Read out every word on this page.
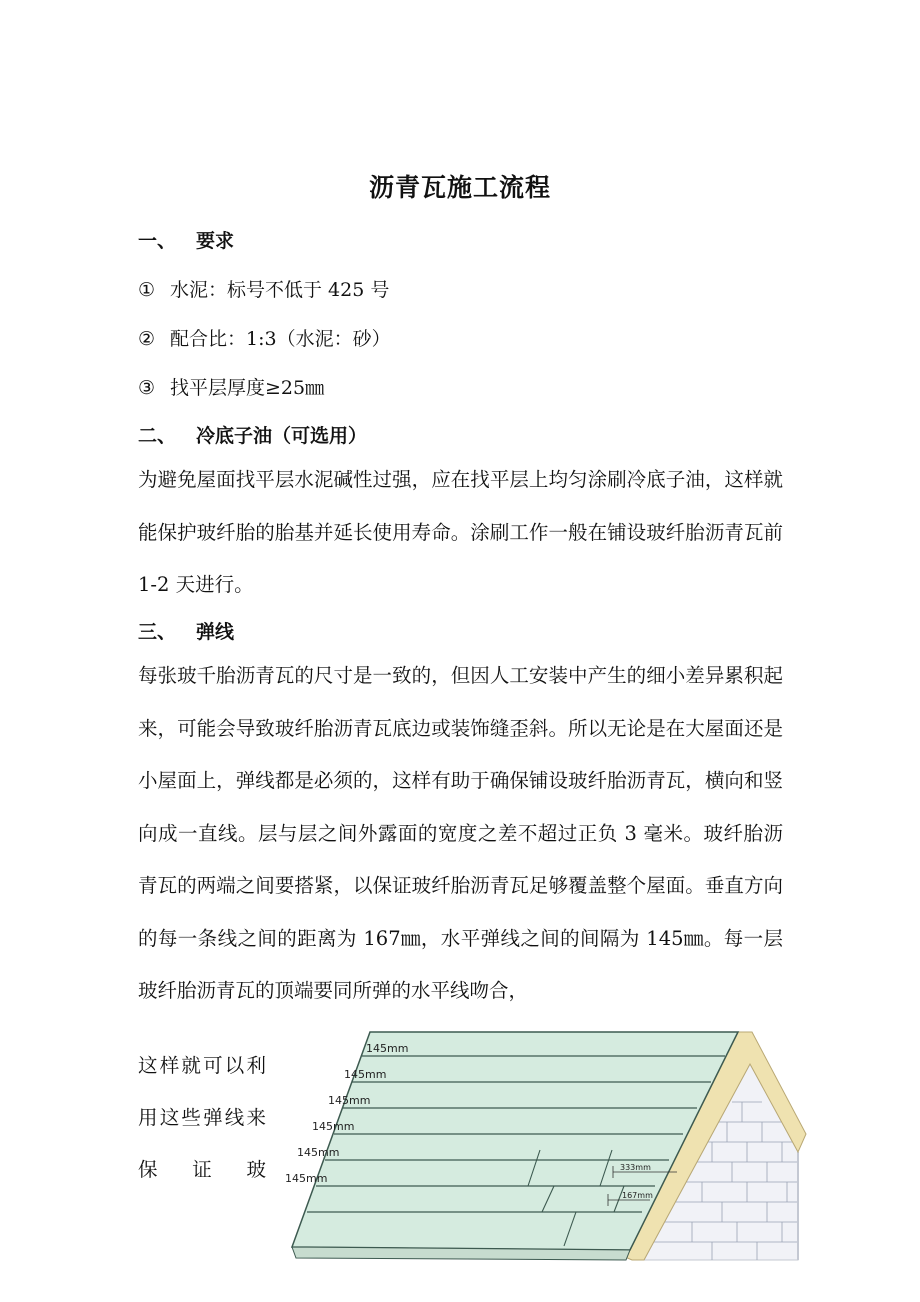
沥青瓦施工流程
一、 要求
① 水泥：标号不低于 425 号
② 配合比：1:3（水泥：砂）
③ 找平层厚度≥25㎜
二、 冷底子油（可选用）

为避免屋面找平层水泥碱性过强，应在找平层上均匀涂刷冷底子油，这样就能保护玻纤胎的胎基并延长使用寿命。涂刷工作一般在铺设玻纤胎沥青瓦前 1-2 天进行。

三、 弹线

每张玻千胎沥青瓦的尺寸是一致的，但因人工安装中产生的细小差异累积起来，可能会导致玻纤胎沥青瓦底边或装饰缝歪斜。所以无论是在大屋面还是小屋面上，弹线都是必须的，这样有助于确保铺设玻纤胎沥青瓦，横向和竖向成一直线。层与层之间外露面的宽度之差不超过正负 3 毫米。玻纤胎沥青瓦的两端之间要搭紧，以保证玻纤胎沥青瓦足够覆盖整个屋面。垂直方向的每一条线之间的距离为 167㎜，水平弹线之间的间隔为 145㎜。每一层玻纤胎沥青瓦的顶端要同所弹的水平线吻合，

这样就可以利用这些弹线来保证玻

145mm
145mm
145mm
145mm
145mm
145mm
333mm
167mm
